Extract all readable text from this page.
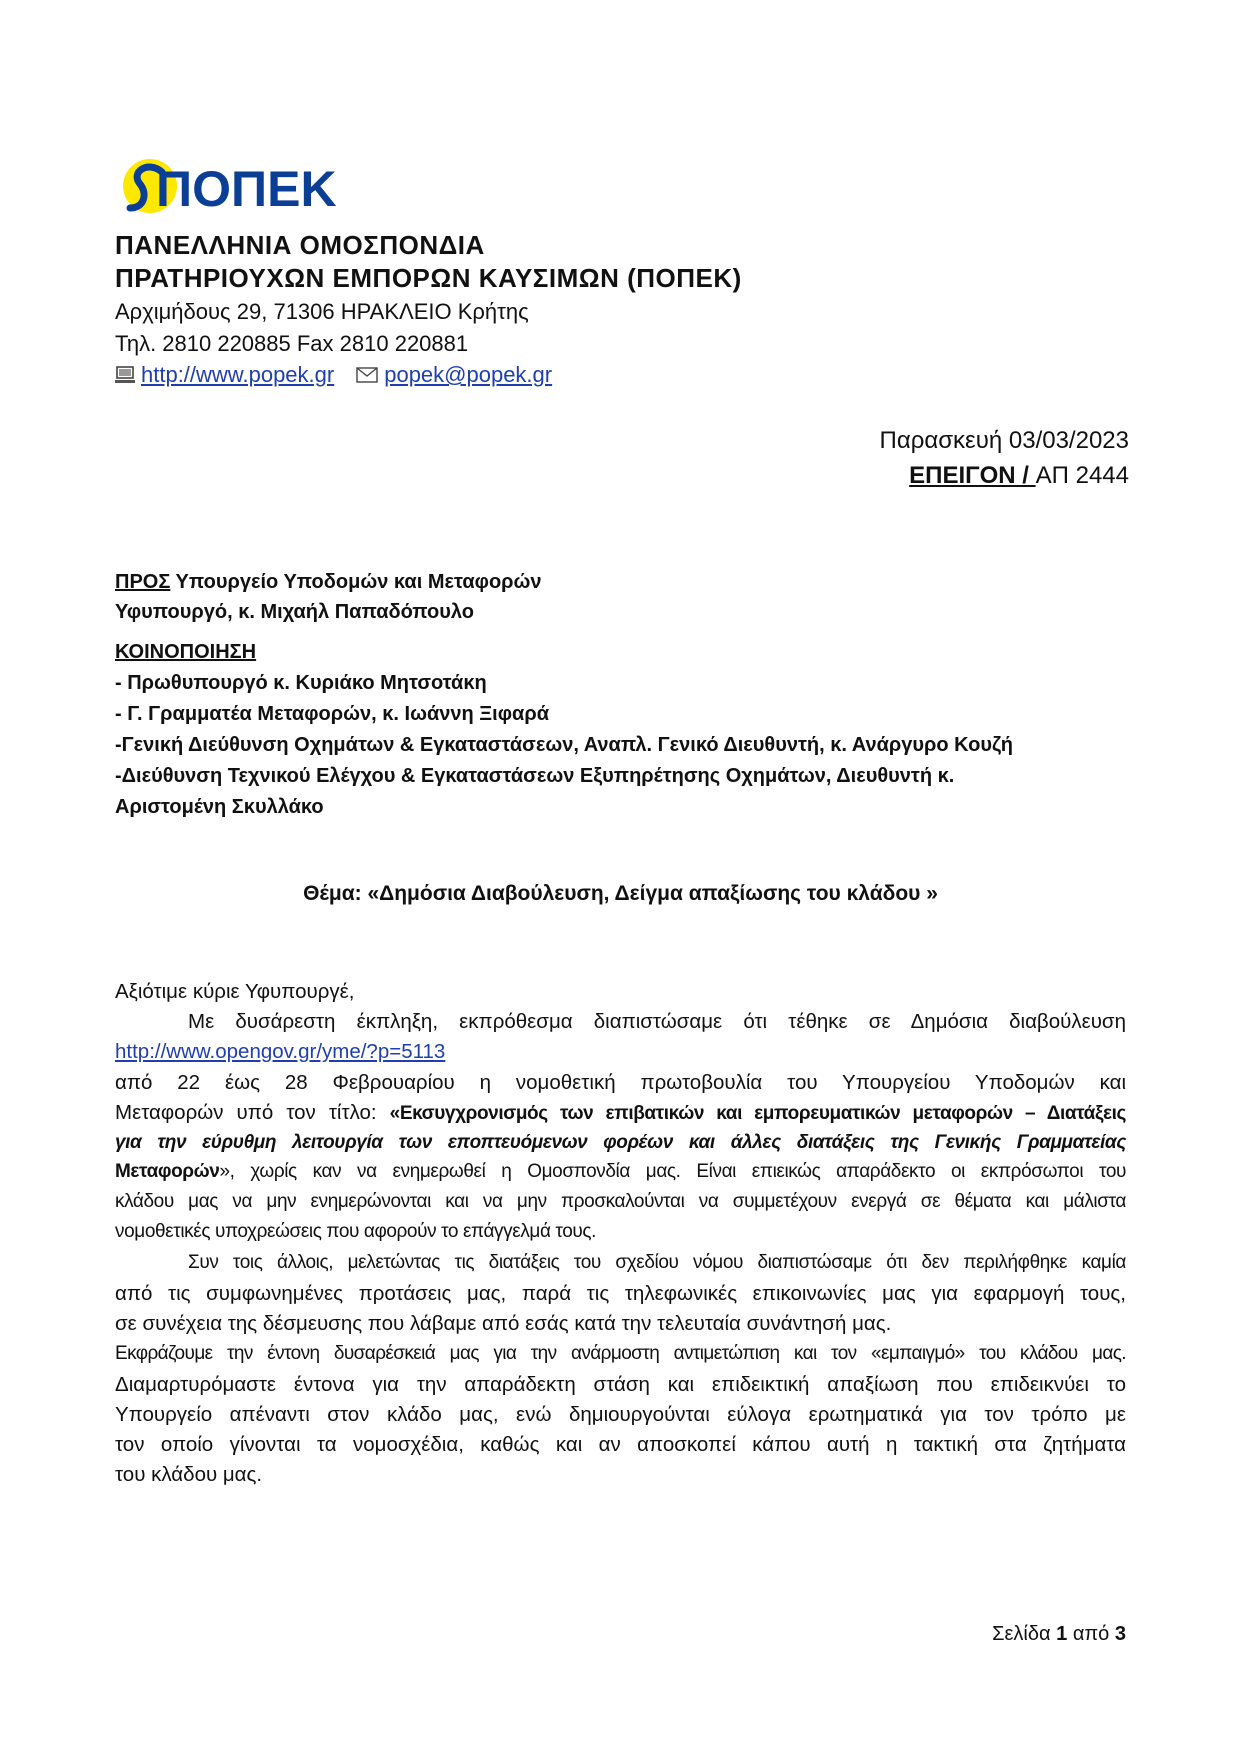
ΠΟΠΕΚ
ΠΑΝΕΛΛΗΝΙΑ ΟΜΟΣΠΟΝΔΙΑ
ΠΡΑΤΗΡΙΟΥΧΩΝ ΕΜΠΟΡΩΝ ΚΑΥΣΙΜΩΝ (ΠΟΠΕΚ)
Αρχιμήδους 29, 71306 ΗΡΑΚΛΕΙΟ Κρήτης
Τηλ. 2810 220885 Fax 2810 220881
http://www.popek.gr popek@popek.gr
Παρασκευή 03/03/2023
ΕΠΕΙΓΟΝ / ΑΠ 2444
ΠΡΟΣ Υπουργείο Υποδομών και Μεταφορών
Υφυπουργό, κ. Μιχαήλ Παπαδόπουλο
ΚΟΙΝΟΠΟΙΗΣΗ
- Πρωθυπουργό κ. Κυριάκο Μητσοτάκη
- Γ. Γραμματέα Μεταφορών, κ. Ιωάννη Ξιφαρά
-Γενική Διεύθυνση Οχημάτων & Εγκαταστάσεων, Αναπλ. Γενικό Διευθυντή, κ. Ανάργυρο Κουζή
-Διεύθυνση Τεχνικού Ελέγχου & Εγκαταστάσεων Εξυπηρέτησης Οχημάτων, Διευθυντή κ.
Αριστομένη Σκυλλάκο
Θέμα: «Δημόσια Διαβούλευση, Δείγμα απαξίωσης του κλάδου »
Αξιότιμε κύριε Υφυπουργέ,
Με δυσάρεστη έκπληξη, εκπρόθεσμα διαπιστώσαμε ότι τέθηκε σε Δημόσια διαβούλευση
http://www.opengov.gr/yme/?p=5113
από 22 έως 28 Φεβρουαρίου η νομοθετική πρωτοβουλία του Υπουργείου Υποδομών και
Μεταφορών υπό τον τίτλο: «Εκσυγχρονισμός των επιβατικών και εμπορευματικών μεταφορών – Διατάξεις
για την εύρυθμη λειτουργία των εποπτευόμενων φορέων και άλλες διατάξεις της Γενικής Γραμματείας
Μεταφορών», χωρίς καν να ενημερωθεί η Ομοσπονδία μας. Είναι επιεικώς απαράδεκτο οι εκπρόσωποι του
κλάδου μας να μην ενημερώνονται και να μην προσκαλούνται να συμμετέχουν ενεργά σε θέματα και μάλιστα
νομοθετικές υποχρεώσεις που αφορούν το επάγγελμά τους.
Συν τοις άλλοις, μελετώντας τις διατάξεις του σχεδίου νόμου διαπιστώσαμε ότι δεν περιλήφθηκε καμία
από τις συμφωνημένες προτάσεις μας, παρά τις τηλεφωνικές επικοινωνίες μας για εφαρμογή τους,
σε συνέχεια της δέσμευσης που λάβαμε από εσάς κατά την τελευταία συνάντησή μας.
Εκφράζουμε την έντονη δυσαρέσκειά μας για την ανάρμοστη αντιμετώπιση και τον «εμπαιγμό» του κλάδου μας.
Διαμαρτυρόμαστε έντονα για την απαράδεκτη στάση και επιδεικτική απαξίωση που επιδεικνύει το
Υπουργείο απέναντι στον κλάδο μας, ενώ δημιουργούνται εύλογα ερωτηματικά για τον τρόπο με
τον οποίο γίνονται τα νομοσχέδια, καθώς και αν αποσκοπεί κάπου αυτή η τακτική στα ζητήματα
του κλάδου μας.
Σελίδα 1 από 3
